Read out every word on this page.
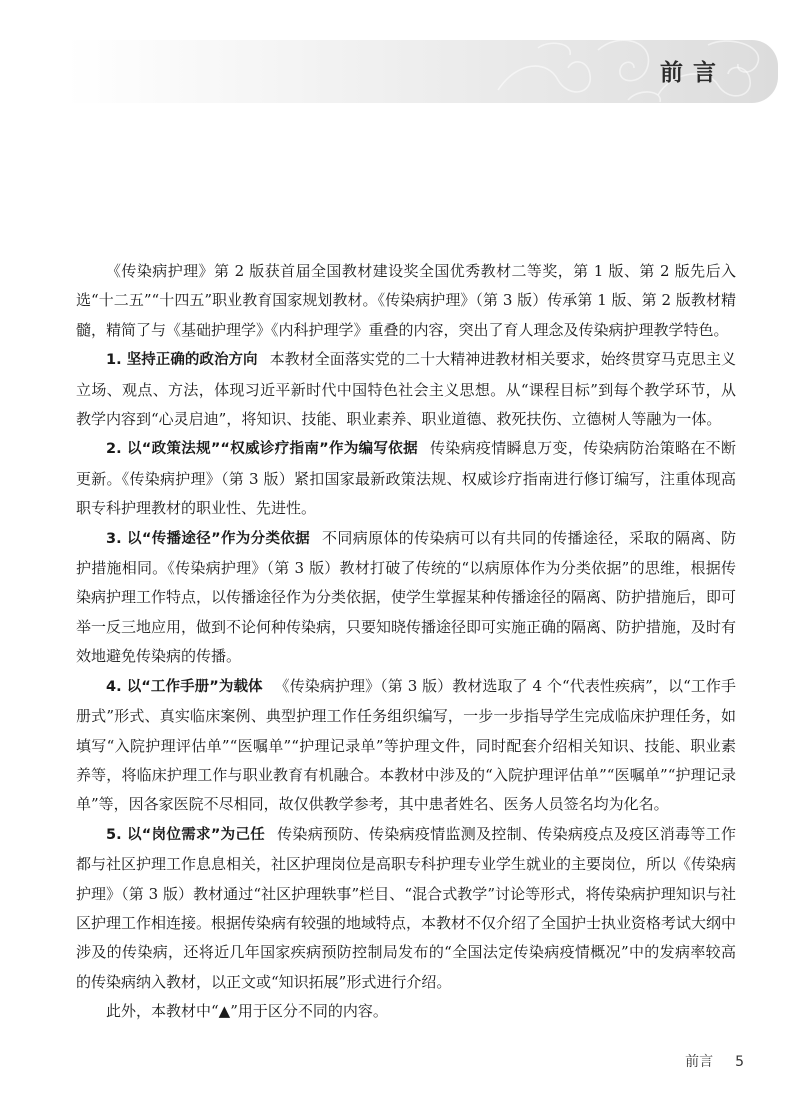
前言

《传染病护理》第 2 版获首届全国教材建设奖全国优秀教材二等奖，第 1 版、第 2 版先后入选“十二五”“十四五”职业教育国家规划教材。《传染病护理》（第 3 版）传承第 1 版、第 2 版教材精髓，精简了与《基础护理学》《内科护理学》重叠的内容，突出了育人理念及传染病护理教学特色。

1. 坚持正确的政治方向 本教材全面落实党的二十大精神进教材相关要求，始终贯穿马克思主义立场、观点、方法，体现习近平新时代中国特色社会主义思想。从“课程目标”到每个教学环节，从教学内容到“心灵启迪”，将知识、技能、职业素养、职业道德、救死扶伤、立德树人等融为一体。

2. 以“政策法规”“权威诊疗指南”作为编写依据 传染病疫情瞬息万变，传染病防治策略在不断更新。《传染病护理》（第 3 版）紧扣国家最新政策法规、权威诊疗指南进行修订编写，注重体现高职专科护理教材的职业性、先进性。

3. 以“传播途径”作为分类依据 不同病原体的传染病可以有共同的传播途径，采取的隔离、防护措施相同。《传染病护理》（第 3 版）教材打破了传统的“以病原体作为分类依据”的思维，根据传染病护理工作特点，以传播途径作为分类依据，使学生掌握某种传播途径的隔离、防护措施后，即可举一反三地应用，做到不论何种传染病，只要知晓传播途径即可实施正确的隔离、防护措施，及时有效地避免传染病的传播。

4. 以“工作手册”为载体 《传染病护理》（第 3 版）教材选取了 4 个“代表性疾病”，以“工作手册式”形式、真实临床案例、典型护理工作任务组织编写，一步一步指导学生完成临床护理任务，如填写“入院护理评估单”“医嘱单”“护理记录单”等护理文件，同时配套介绍相关知识、技能、职业素养等，将临床护理工作与职业教育有机融合。本教材中涉及的“入院护理评估单”“医嘱单”“护理记录单”等，因各家医院不尽相同，故仅供教学参考，其中患者姓名、医务人员签名均为化名。

5. 以“岗位需求”为己任 传染病预防、传染病疫情监测及控制、传染病疫点及疫区消毒等工作都与社区护理工作息息相关，社区护理岗位是高职专科护理专业学生就业的主要岗位，所以《传染病护理》（第 3 版）教材通过“社区护理轶事”栏目、“混合式教学”讨论等形式，将传染病护理知识与社区护理工作相连接。根据传染病有较强的地域特点，本教材不仅介绍了全国护士执业资格考试大纲中涉及的传染病，还将近几年国家疾病预防控制局发布的“全国法定传染病疫情概况”中的发病率较高的传染病纳入教材，以正文或“知识拓展”形式进行介绍。

此外，本教材中“▲”用于区分不同的内容。

前言 5
